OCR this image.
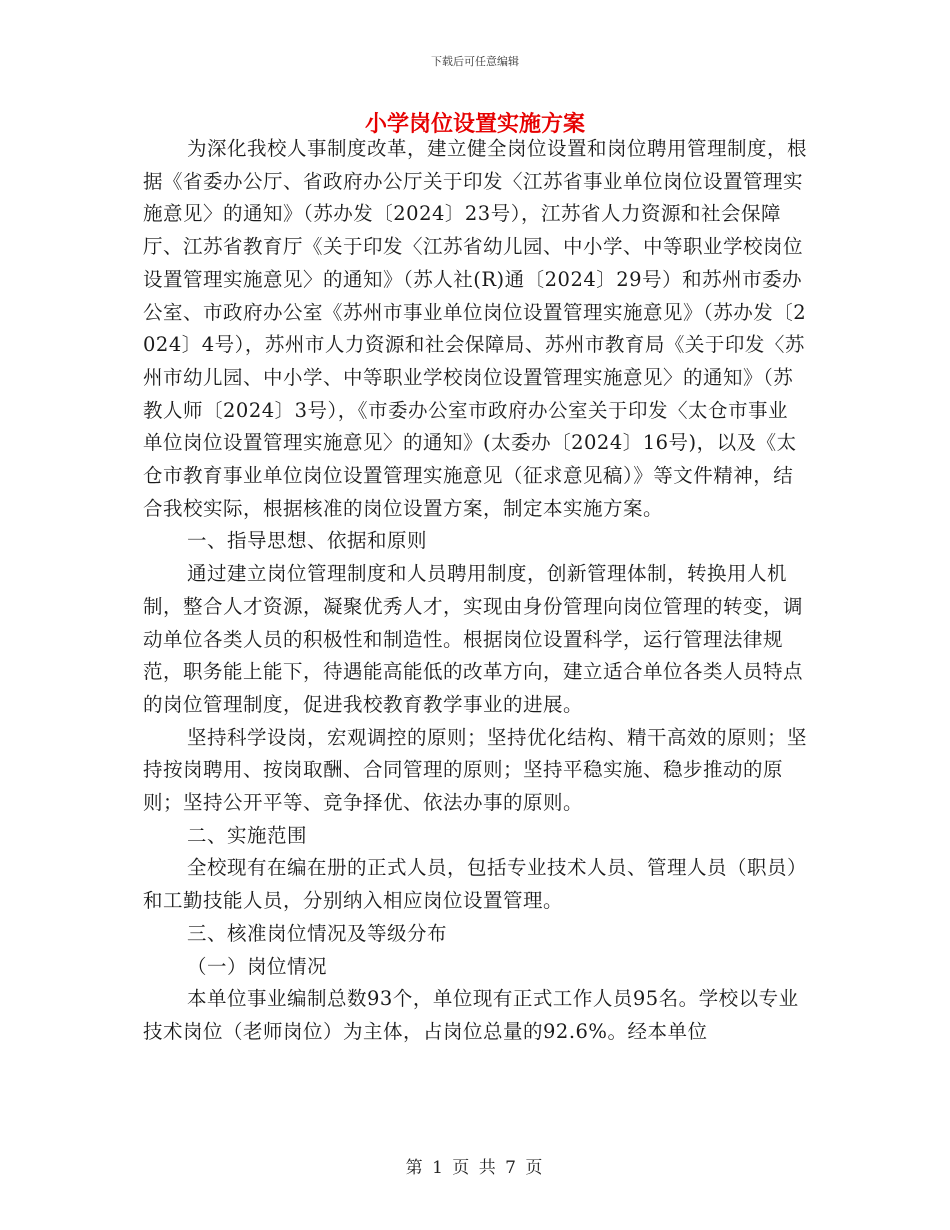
下载后可任意编辑
小学岗位设置实施方案

为深化我校人事制度改革，建立健全岗位设置和岗位聘用管理制度，根据《省委办公厅、省政府办公厅关于印发〈江苏省事业单位岗位设置管理实施意见〉的通知》（苏办发〔2024〕23号），江苏省人力资源和社会保障厅、江苏省教育厅《关于印发〈江苏省幼儿园、中小学、中等职业学校岗位设置管理实施意见〉的通知》（苏人社(R)通〔2024〕29号）和苏州市委办公室、市政府办公室《苏州市事业单位岗位设置管理实施意见》（苏办发〔2024〕4号），苏州市人力资源和社会保障局、苏州市教育局《关于印发〈苏州市幼儿园、中小学、中等职业学校岗位设置管理实施意见〉的通知》（苏教人师〔2024〕3号），《市委办公室市政府办公室关于印发〈太仓市事业单位岗位设置管理实施意见〉的通知》(太委办〔2024〕16号)，以及《太仓市教育事业单位岗位设置管理实施意见（征求意见稿）》等文件精神，结合我校实际，根据核准的岗位设置方案，制定本实施方案。

一、指导思想、依据和原则

通过建立岗位管理制度和人员聘用制度，创新管理体制，转换用人机制，整合人才资源，凝聚优秀人才，实现由身份管理向岗位管理的转变，调动单位各类人员的积极性和制造性。根据岗位设置科学，运行管理法律规范，职务能上能下，待遇能高能低的改革方向，建立适合单位各类人员特点的岗位管理制度，促进我校教育教学事业的进展。

坚持科学设岗，宏观调控的原则；坚持优化结构、精干高效的原则；坚持按岗聘用、按岗取酬、合同管理的原则；坚持平稳实施、稳步推动的原则；坚持公开平等、竞争择优、依法办事的原则。

二、实施范围

全校现有在编在册的正式人员，包括专业技术人员、管理人员（职员）和工勤技能人员，分别纳入相应岗位设置管理。

三、核准岗位情况及等级分布

（一）岗位情况

本单位事业编制总数93个，单位现有正式工作人员95名。学校以专业技术岗位（老师岗位）为主体，占岗位总量的92.6%。经本单位

第 1 页 共 7 页
